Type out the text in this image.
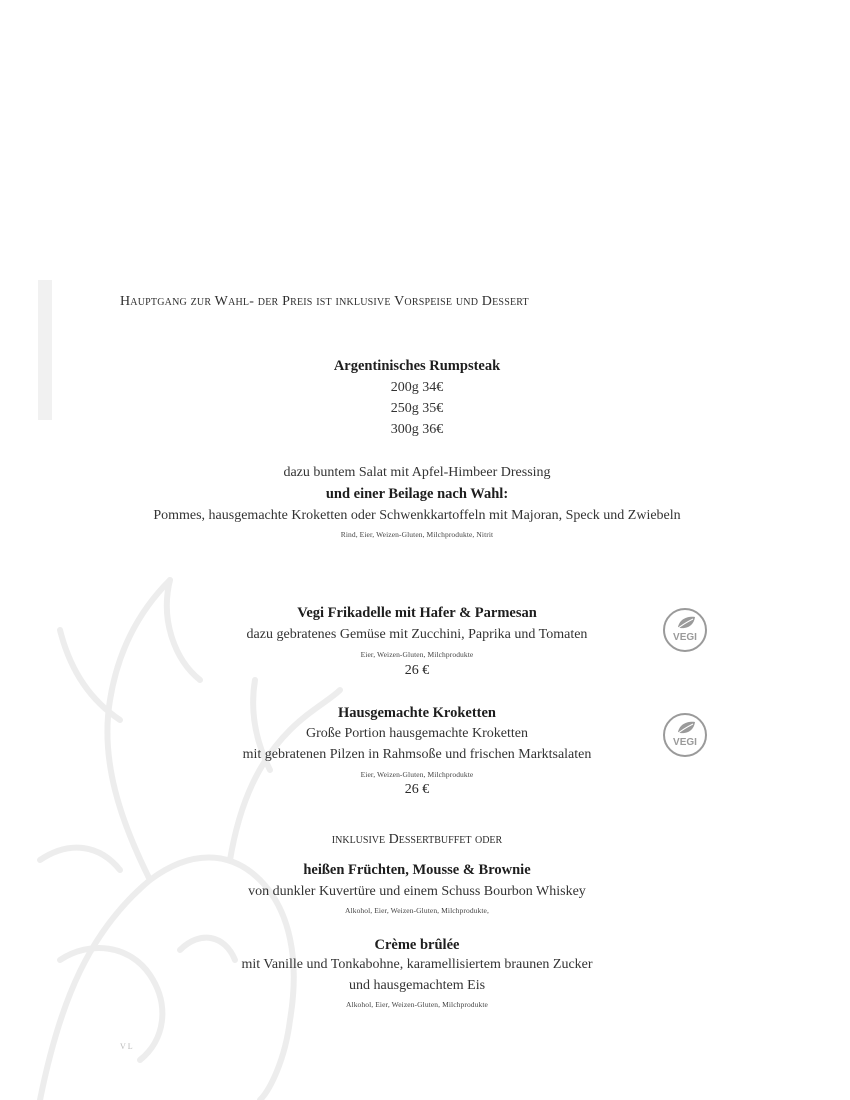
Hauptgang zur Wahl- der Preis ist inklusive Vorspeise und Dessert
Argentinisches Rumpsteak
200g 34€
250g 35€
300g 36€
dazu buntem Salat mit Apfel-Himbeer Dressing
und einer Beilage nach Wahl:
Pommes, hausgemachte Kroketten oder Schwenkkartoffeln mit Majoran, Speck und Zwiebeln
Rind, Eier, Weizen-Gluten, Milchprodukte, Nitrit
Vegi Frikadelle mit Hafer & Parmesan
dazu gebratenes Gemüse mit Zucchini, Paprika und Tomaten
Eier, Weizen-Gluten, Milchprodukte
26 €
VEGI
Hausgemachte Kroketten
Große Portion hausgemachte Kroketten
mit gebratenen Pilzen in Rahmsoße und frischen Marktsalaten
Eier, Weizen-Gluten, Milchprodukte
26 €
VEGI
inklusive Dessertbuffet oder
heißen Früchten, Mousse & Brownie
von dunkler Kuvertüre und einem Schuss Bourbon Whiskey
Alkohol, Eier, Weizen-Gluten, Milchprodukte,
Crème brûlée
mit Vanille und Tonkabohne, karamellisiertem braunen Zucker
und hausgemachtem Eis
Alkohol, Eier, Weizen-Gluten, Milchprodukte
VL
